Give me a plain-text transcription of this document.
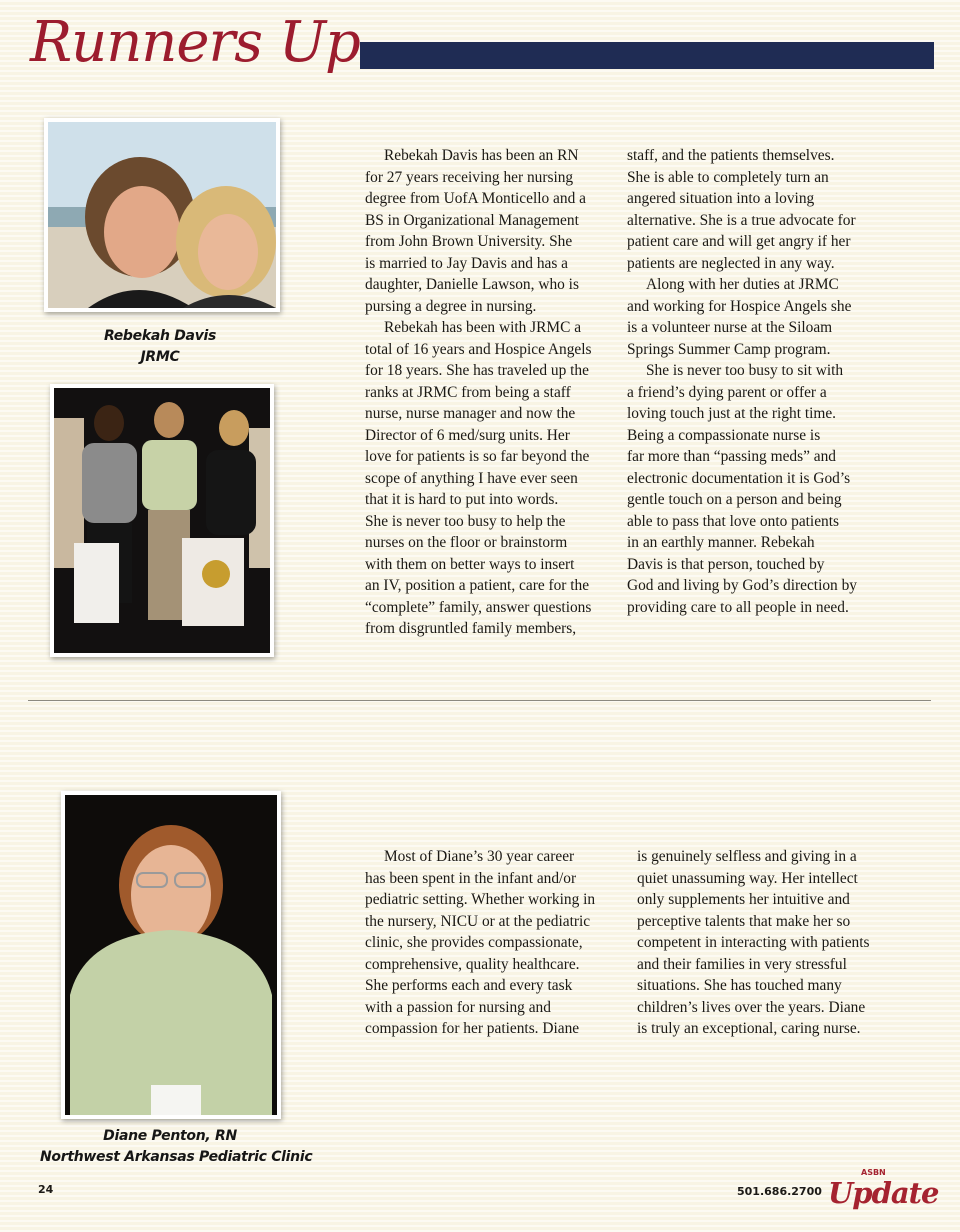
Runners Up
Rebekah Davis
JRMC
Rebekah Davis has been an RN
for 27 years receiving her nursing
degree from UofA Monticello and a
BS in Organizational Management
from John Brown University. She
is married to Jay Davis and has a
daughter, Danielle Lawson, who is
pursing a degree in nursing.
Rebekah has been with JRMC a
total of 16 years and Hospice Angels
for 18 years. She has traveled up the
ranks at JRMC from being a staff
nurse, nurse manager and now the
Director of 6 med/surg units. Her
love for patients is so far beyond the
scope of anything I have ever seen
that it is hard to put into words.
She is never too busy to help the
nurses on the floor or brainstorm
with them on better ways to insert
an IV, position a patient, care for the
“complete” family, answer questions
from disgruntled family members,
staff, and the patients themselves.
She is able to completely turn an
angered situation into a loving
alternative. She is a true advocate for
patient care and will get angry if her
patients are neglected in any way.
Along with her duties at JRMC
and working for Hospice Angels she
is a volunteer nurse at the Siloam
Springs Summer Camp program.
She is never too busy to sit with
a friend’s dying parent or offer a
loving touch just at the right time.
Being a compassionate nurse is
far more than “passing meds” and
electronic documentation it is God’s
gentle touch on a person and being
able to pass that love onto patients
in an earthly manner. Rebekah
Davis is that person, touched by
God and living by God’s direction by
providing care to all people in need.
Diane Penton, RN
Northwest Arkansas Pediatric Clinic
Most of Diane’s 30 year career
has been spent in the infant and/or
pediatric setting. Whether working in
the nursery, NICU or at the pediatric
clinic, she provides compassionate,
comprehensive, quality healthcare.
She performs each and every task
with a passion for nursing and
compassion for her patients. Diane
is genuinely selfless and giving in a
quiet unassuming way. Her intellect
only supplements her intuitive and
perceptive talents that make her so
competent in interacting with patients
and their families in very stressful
situations. She has touched many
children’s lives over the years. Diane
is truly an exceptional, caring nurse.
24	501.686.2700
ASBN
Update
